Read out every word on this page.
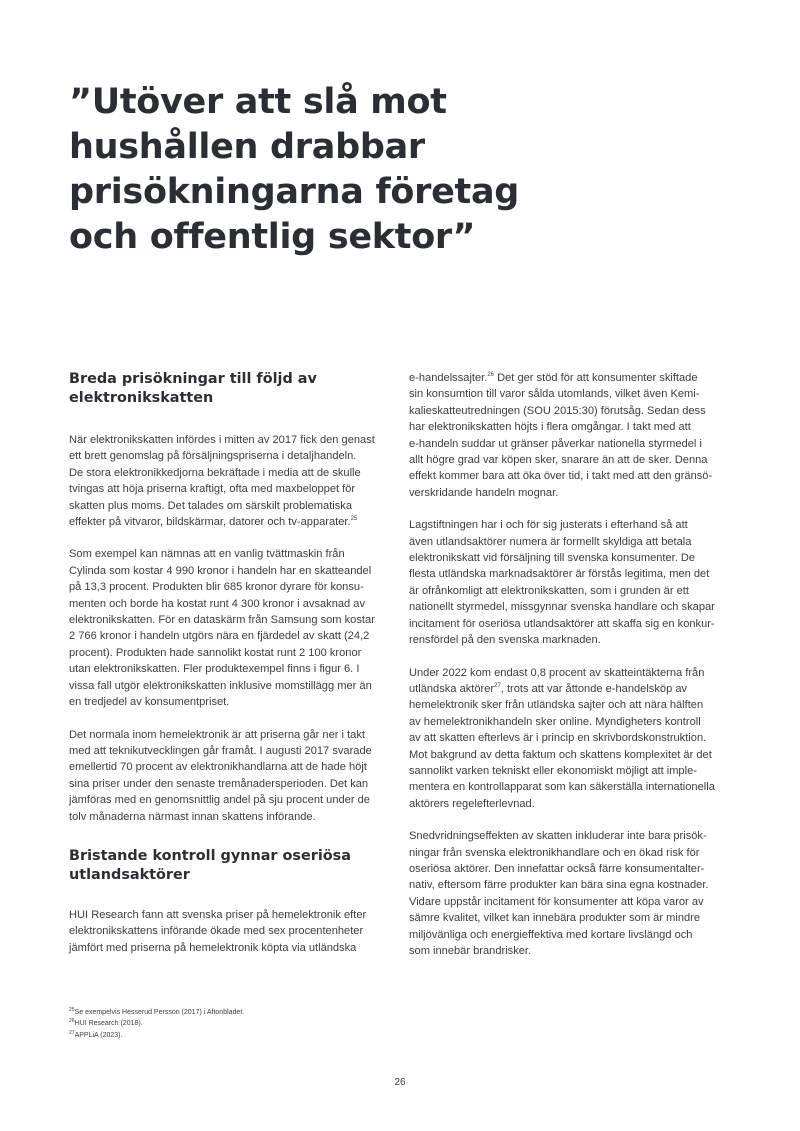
”Utöver att slå mot
hushållen drabbar
prisökningarna företag
och offentlig sektor”
Breda prisökningar till följd av
elektronikskatten

När elektronikskatten infördes i mitten av 2017 fick den genast
ett brett genomslag på försäljningspriserna i detaljhandeln.
De stora elektronikkedjorna bekräftade i media att de skulle
tvingas att höja priserna kraftigt, ofta med maxbeloppet för
skatten plus moms. Det talades om särskilt problematiska
effekter på vitvaror, bildskärmar, datorer och tv-apparater.$^{25}$

Som exempel kan nämnas att en vanlig tvättmaskin från
Cylinda som kostar 4 990 kronor i handeln har en skatteandel
på 13,3 procent. Produkten blir 685 kronor dyrare för konsu-
menten och borde ha kostat runt 4 300 kronor i avsaknad av
elektronikskatten. För en dataskärm från Samsung som kostar
2 766 kronor i handeln utgörs nära en fjärdedel av skatt (24,2
procent). Produkten hade sannolikt kostat runt 2 100 kronor
utan elektronikskatten. Fler produktexempel finns i figur 6. I
vissa fall utgör elektronikskatten inklusive momstillägg mer än
en tredjedel av konsumentpriset.

Det normala inom hemelektronik är att priserna går ner i takt
med att teknikutvecklingen går framåt. I augusti 2017 svarade
emellertid 70 procent av elektronikhandlarna att de hade höjt
sina priser under den senaste tremånadersperioden. Det kan
jämföras med en genomsnittlig andel på sju procent under de
tolv månaderna närmast innan skattens införande.

Bristande kontroll gynnar oseriösa
utlandsaktörer

HUI Research fann att svenska priser på hemelektronik efter
elektronikskattens införande ökade med sex procentenheter
jämfört med priserna på hemelektronik köpta via utländska

e-handelssajter.$^{26}$ Det ger stöd för att konsumenter skiftade
sin konsumtion till varor sålda utomlands, vilket även Kemi-
kalieskatteutredningen (SOU 2015:30) förutsåg. Sedan dess
har elektronikskatten höjts i flera omgångar. I takt med att
e-handeln suddar ut gränser påverkar nationella styrmedel i
allt högre grad var köpen sker, snarare än att de sker. Denna
effekt kommer bara att öka över tid, i takt med att den gränsö-
verskridande handeln mognar.

Lagstiftningen har i och för sig justerats i efterhand så att
även utlandsaktörer numera är formellt skyldiga att betala
elektronikskatt vid försäljning till svenska konsumenter. De
flesta utländska marknadsaktörer är förstås legitima, men det
är ofrånkomligt att elektronikskatten, som i grunden är ett
nationellt styrmedel, missgynnar svenska handlare och skapar
incitament för oseriösa utlandsaktörer att skaffa sig en konkur-
rensfördel på den svenska marknaden.

Under 2022 kom endast 0,8 procent av skatteintäkterna från
utländska aktörer$^{27}$, trots att var åttonde e-handelsköp av
hemelektronik sker från utländska sajter och att nära hälften
av hemelektronikhandeln sker online. Myndigheters kontroll
av att skatten efterlevs är i princip en skrivbordskonstruktion.
Mot bakgrund av detta faktum och skattens komplexitet är det
sannolikt varken tekniskt eller ekonomiskt möjligt att imple-
mentera en kontrollapparat som kan säkerställa internationella
aktörers regelefterlevnad.

Snedvridningseffekten av skatten inkluderar inte bara prisök-
ningar från svenska elektronikhandlare och en ökad risk för
oseriösa aktörer. Den innefattar också färre konsumentalter-
nativ, eftersom färre produkter kan bära sina egna kostnader.
Vidare uppstår incitament för konsumenter att köpa varor av
sämre kvalitet, vilket kan innebära produkter som är mindre
miljövänliga och energieffektiva med kortare livslängd och
som innebär brandrisker.

$^{25}$Se exempelvis Hesserud Persson (2017) i Aftonbladet.
$^{26}$HUI Research (2018).
$^{27}$APPLiA (2023).
26
